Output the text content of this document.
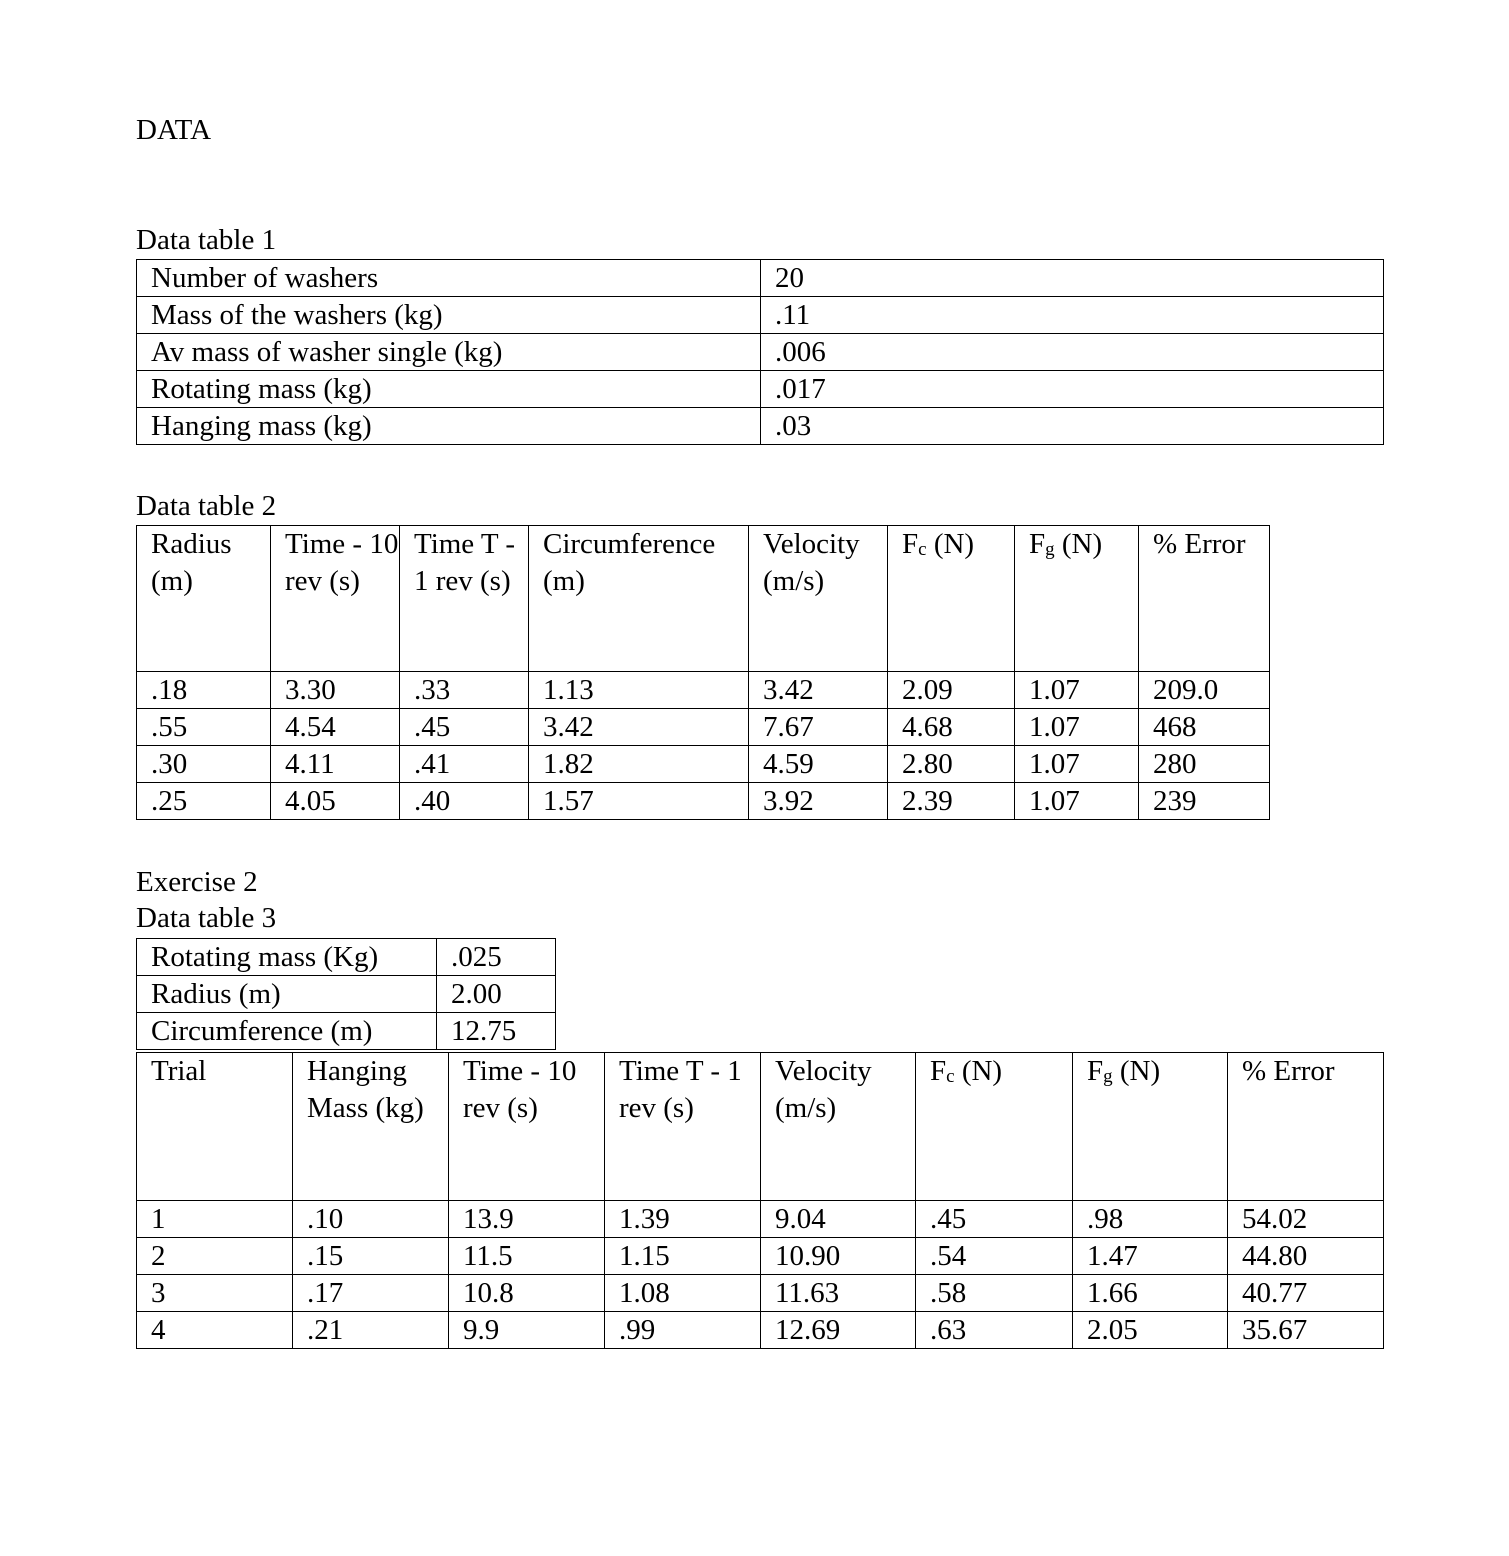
DATA
Data table 1
Number of washers	20
Mass of the washers (kg)	.11
Av mass of washer single (kg)	.006
Rotating mass (kg)	.017
Hanging mass (kg)	.03
Data table 2
Radius (m)	Time - 10 rev (s)	Time T - 1 rev (s)	Circumference (m)	Velocity (m/s)	Fc (N)	Fg (N)	% Error
.18	3.30	.33	1.13	3.42	2.09	1.07	209.0
.55	4.54	.45	3.42	7.67	4.68	1.07	468
.30	4.11	.41	1.82	4.59	2.80	1.07	280
.25	4.05	.40	1.57	3.92	2.39	1.07	239
Exercise 2
Data table 3
Rotating mass (Kg)	.025
Radius (m)	2.00
Circumference (m)	12.75
Trial	Hanging Mass (kg)	Time - 10 rev (s)	Time T - 1 rev (s)	Velocity (m/s)	Fc (N)	Fg (N)	% Error
1	.10	13.9	1.39	9.04	.45	.98	54.02
2	.15	11.5	1.15	10.90	.54	1.47	44.80
3	.17	10.8	1.08	11.63	.58	1.66	40.77
4	.21	9.9	.99	12.69	.63	2.05	35.67
